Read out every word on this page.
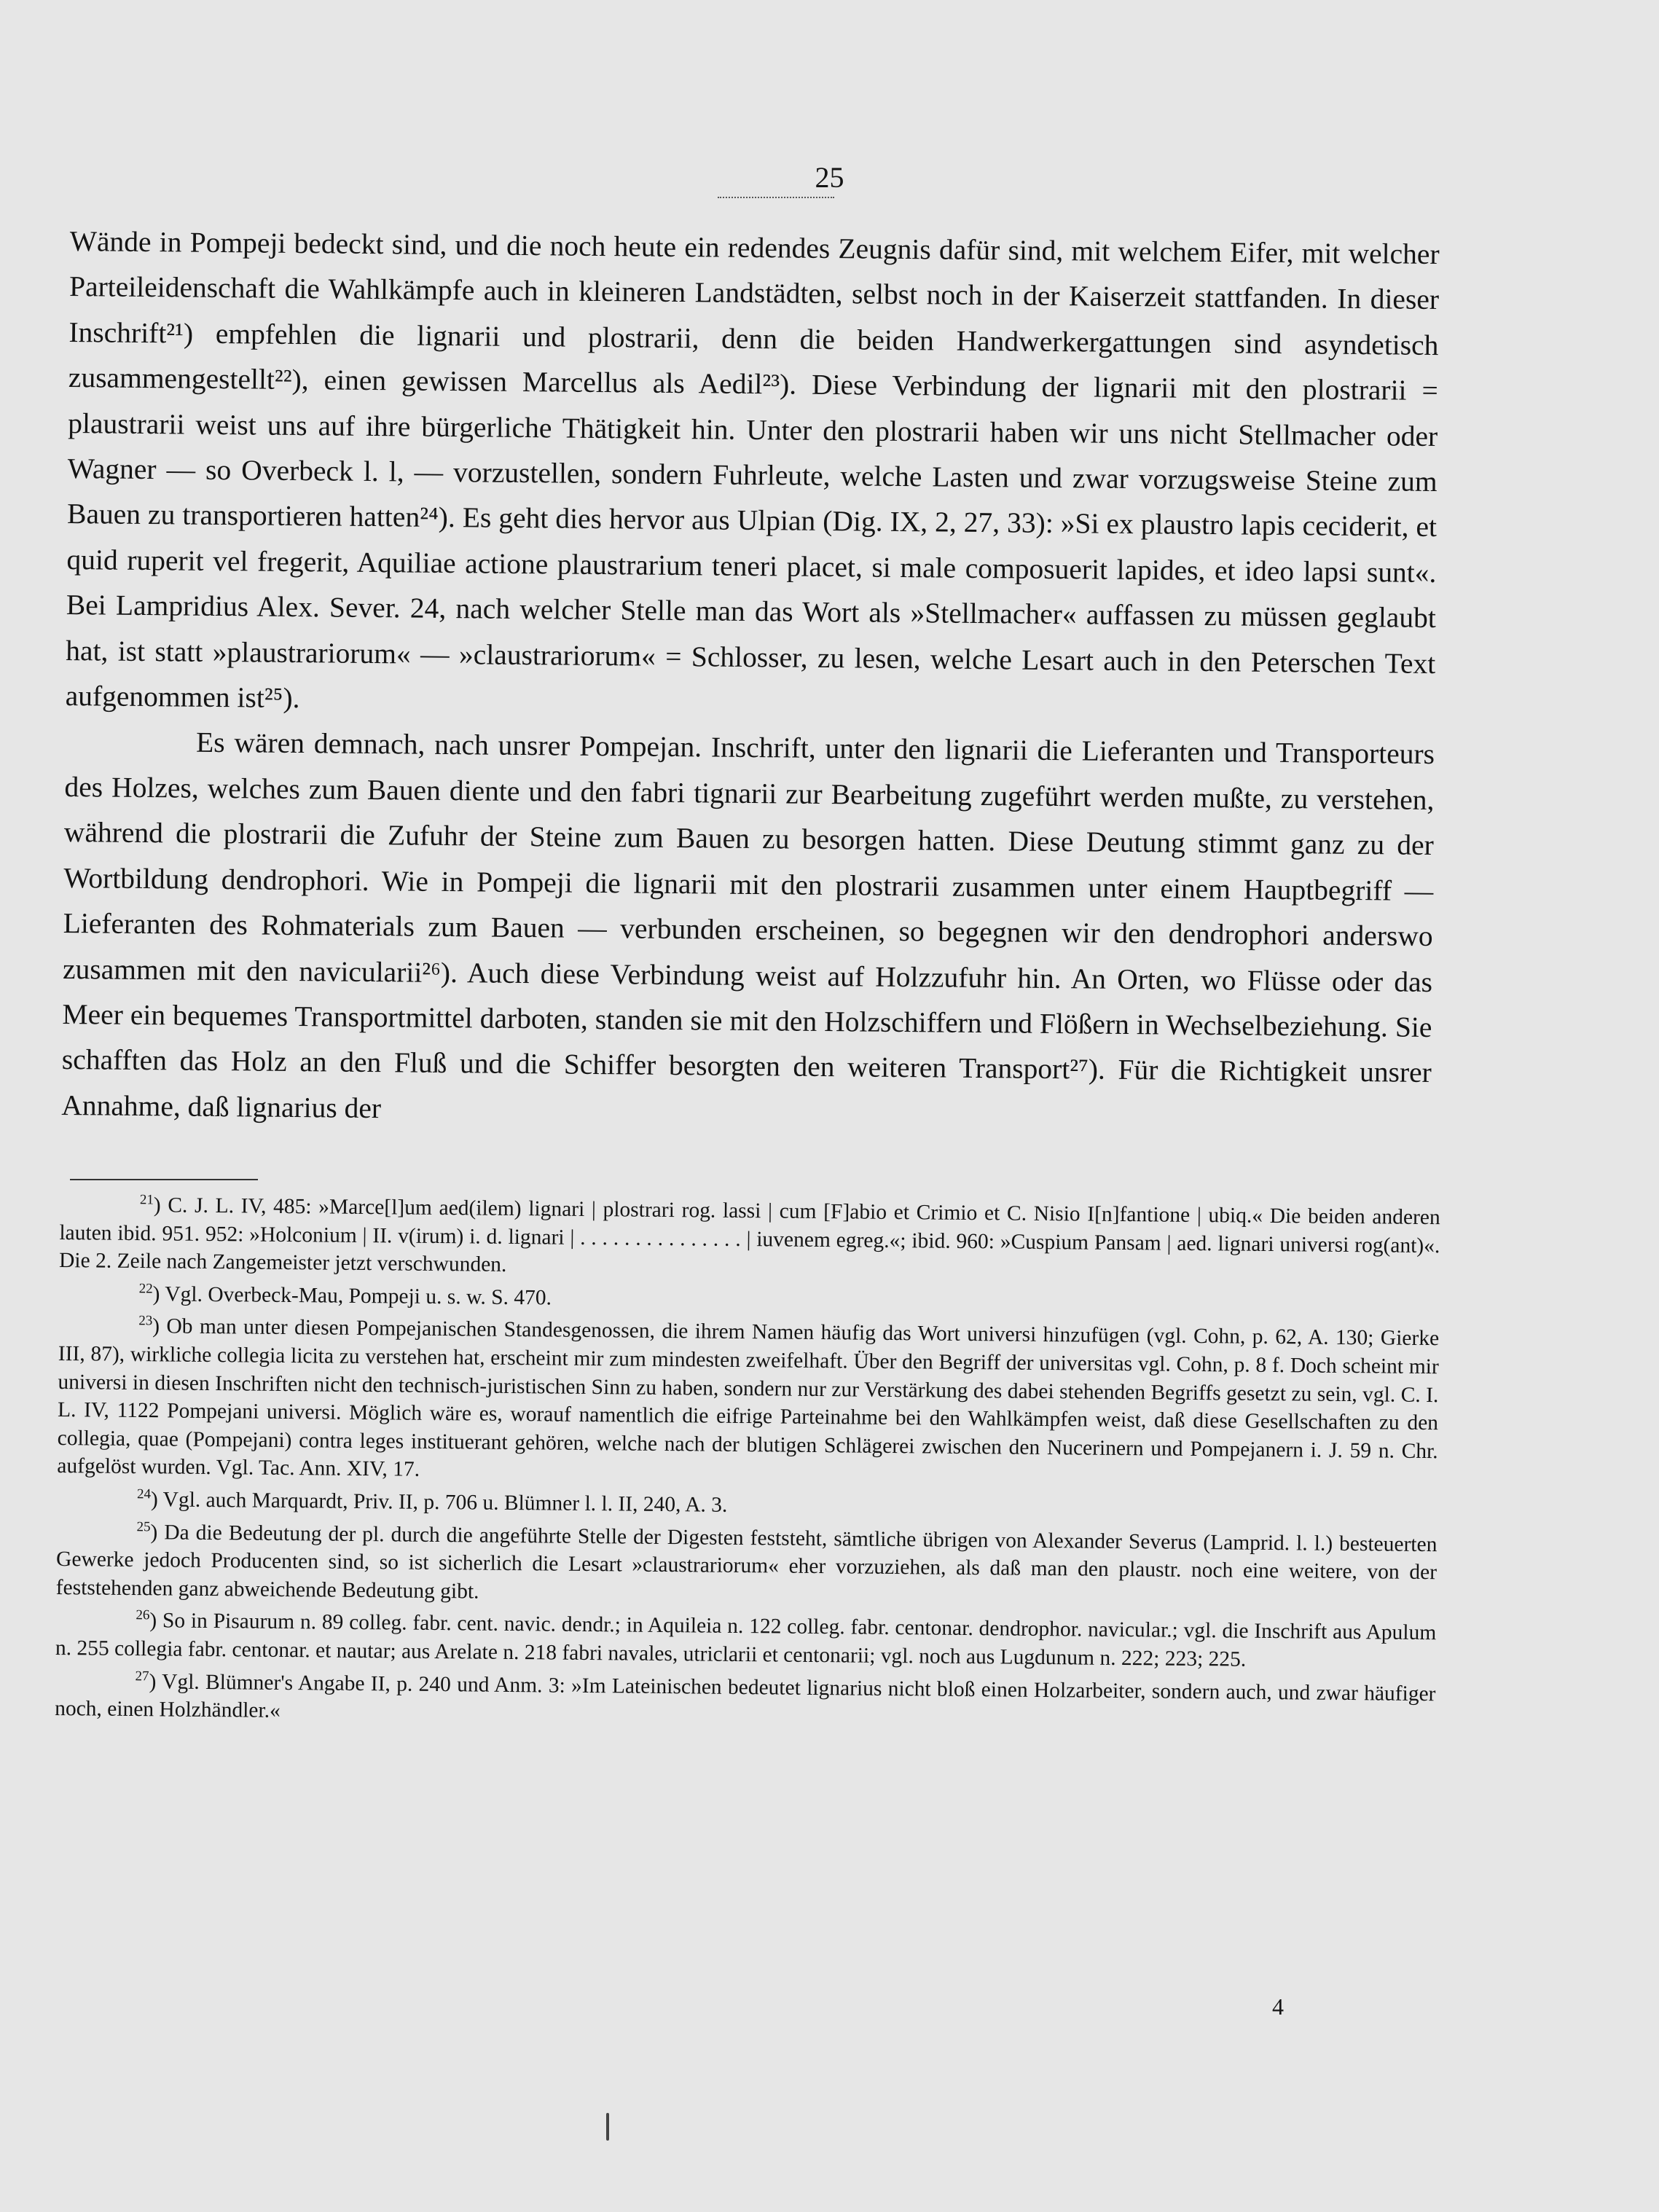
25

Wände in Pompeji bedeckt sind, und die noch heute ein redendes Zeugnis dafür sind, mit welchem Eifer, mit welcher Parteileidenschaft die Wahlkämpfe auch in kleineren Landstädten, selbst noch in der Kaiserzeit stattfanden. In dieser Inschrift²¹) empfehlen die lignarii und plostrarii, denn die beiden Handwerkergattungen sind asyndetisch zusammengestellt²²), einen gewissen Marcellus als Aedil²³). Diese Verbindung der lignarii mit den plostrarii = plaustrarii weist uns auf ihre bürgerliche Thätigkeit hin. Unter den plostrarii haben wir uns nicht Stellmacher oder Wagner — so Overbeck l. l, — vorzustellen, sondern Fuhrleute, welche Lasten und zwar vorzugsweise Steine zum Bauen zu transportieren hatten²⁴). Es geht dies hervor aus Ulpian (Dig. IX, 2, 27, 33): »Si ex plaustro lapis ceciderit, et quid ruperit vel fregerit, Aquiliae actione plaustrarium teneri placet, si male composuerit lapides, et ideo lapsi sunt«. Bei Lampridius Alex. Sever. 24, nach welcher Stelle man das Wort als »Stellmacher« auffassen zu müssen geglaubt hat, ist statt »plaustrariorum« — »claustrariorum« = Schlosser, zu lesen, welche Lesart auch in den Peterschen Text aufgenommen ist²⁵).

Es wären demnach, nach unsrer Pompejan. Inschrift, unter den lignarii die Lieferanten und Transporteurs des Holzes, welches zum Bauen diente und den fabri tignarii zur Bearbeitung zugeführt werden mußte, zu verstehen, während die plostrarii die Zufuhr der Steine zum Bauen zu besorgen hatten. Diese Deutung stimmt ganz zu der Wortbildung dendrophori. Wie in Pompeji die lignarii mit den plostrarii zusammen unter einem Hauptbegriff — Lieferanten des Rohmaterials zum Bauen — verbunden erscheinen, so begegnen wir den dendrophori anderswo zusammen mit den navicularii²⁶). Auch diese Verbindung weist auf Holzzufuhr hin. An Orten, wo Flüsse oder das Meer ein bequemes Transportmittel darboten, standen sie mit den Holzschiffern und Flößern in Wechselbeziehung. Sie schafften das Holz an den Fluß und die Schiffer besorgten den weiteren Transport²⁷). Für die Richtigkeit unsrer Annahme, daß lignarius der

$^{21}$) C. J. L. IV, 485: »Marce[l]um aed(ilem) lignari | plostrari rog. lassi | cum [F]abio et Crimio et C. Nisio I[n]fantione | ubiq.« Die beiden anderen lauten ibid. 951. 952: »Holconium | II. v(irum) i. d. lignari | . . . . . . . . . . . . . . . | iuvenem egreg.«; ibid. 960: »Cuspium Pansam | aed. lignari universi rog(ant)«. Die 2. Zeile nach Zangemeister jetzt verschwunden.

$^{22}$) Vgl. Overbeck-Mau, Pompeji u. s. w. S. 470.

$^{23}$) Ob man unter diesen Pompejanischen Standesgenossen, die ihrem Namen häufig das Wort universi hinzufügen (vgl. Cohn, p. 62, A. 130; Gierke III, 87), wirkliche collegia licita zu verstehen hat, erscheint mir zum mindesten zweifelhaft. Über den Begriff der universitas vgl. Cohn, p. 8 f. Doch scheint mir universi in diesen Inschriften nicht den technisch-juristischen Sinn zu haben, sondern nur zur Verstärkung des dabei stehenden Begriffs gesetzt zu sein, vgl. C. I. L. IV, 1122 Pompejani universi. Möglich wäre es, worauf namentlich die eifrige Parteinahme bei den Wahlkämpfen weist, daß diese Gesellschaften zu den collegia, quae (Pompejani) contra leges instituerant gehören, welche nach der blutigen Schlägerei zwischen den Nucerinern und Pompejanern i. J. 59 n. Chr. aufgelöst wurden. Vgl. Tac. Ann. XIV, 17.

$^{24}$) Vgl. auch Marquardt, Priv. II, p. 706 u. Blümner l. l. II, 240, A. 3.

$^{25}$) Da die Bedeutung der pl. durch die angeführte Stelle der Digesten feststeht, sämtliche übrigen von Alexander Severus (Lamprid. l. l.) besteuerten Gewerke jedoch Producenten sind, so ist sicherlich die Lesart »claustrariorum« eher vorzuziehen, als daß man den plaustr. noch eine weitere, von der feststehenden ganz abweichende Bedeutung gibt.

$^{26}$) So in Pisaurum n. 89 colleg. fabr. cent. navic. dendr.; in Aquileia n. 122 colleg. fabr. centonar. dendrophor. navicular.; vgl. die Inschrift aus Apulum n. 255 collegia fabr. centonar. et nautar; aus Arelate n. 218 fabri navales, utriclarii et centonarii; vgl. noch aus Lugdunum n. 222; 223; 225.

$^{27}$) Vgl. Blümner's Angabe II, p. 240 und Anm. 3: »Im Lateinischen bedeutet lignarius nicht bloß einen Holzarbeiter, sondern auch, und zwar häufiger noch, einen Holzhändler.«

4
